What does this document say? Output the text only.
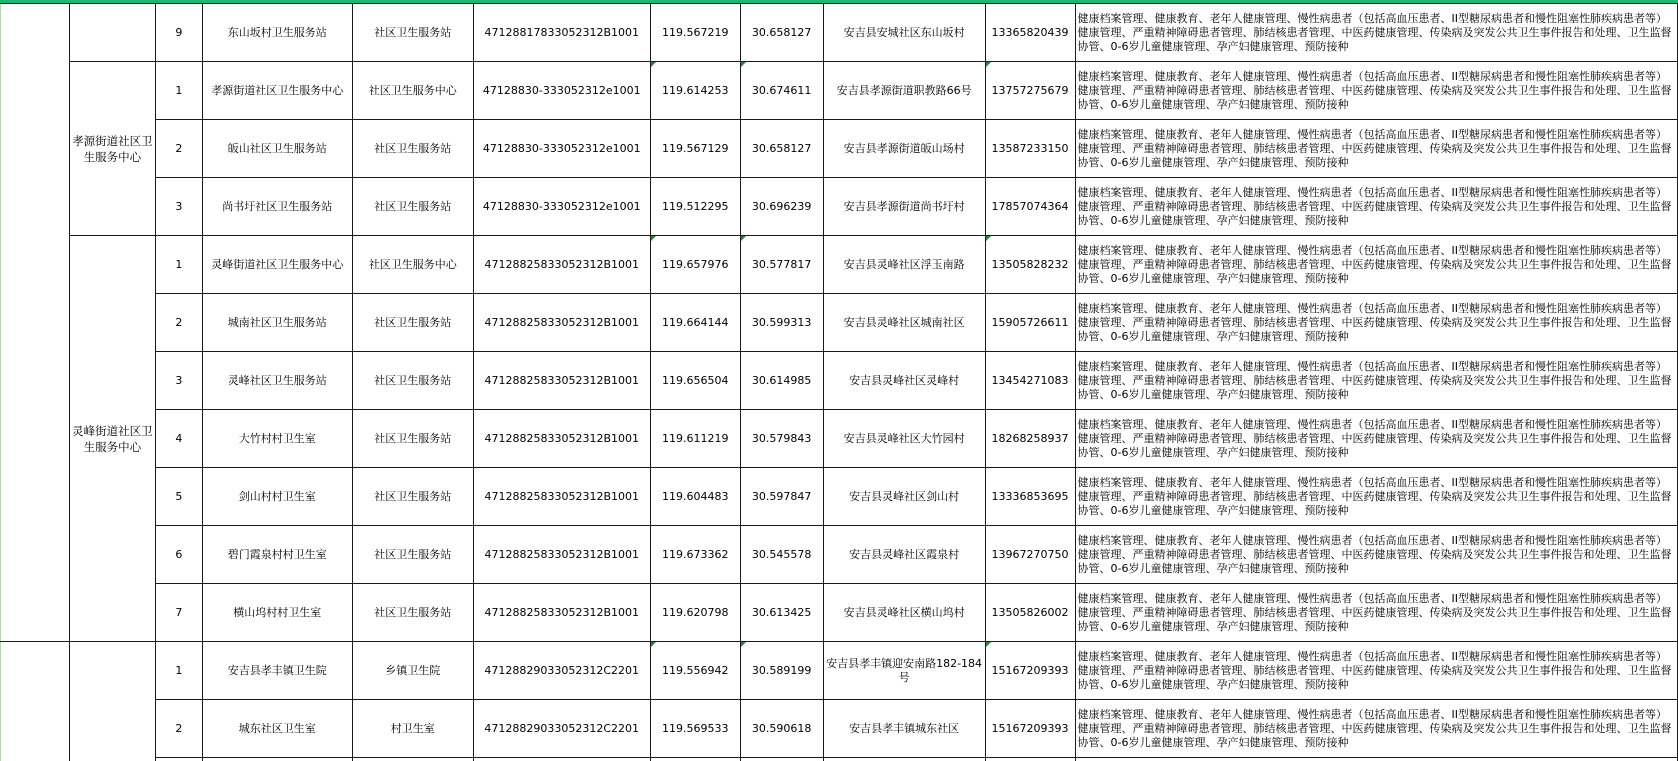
		9	东山坂村卫生服务站	社区卫生服务站	47128817833052312B1001	119.567219	30.658127	安吉县安城社区东山坂村	13365820439	健康档案管理、健康教育、老年人健康管理、慢性病患者（包括高血压患者、II型糖尿病患者和慢性阻塞性肺疾病患者等）健康管理、严重精神障碍患者管理、肺结核患者管理、中医药健康管理、传染病及突发公共卫生事件报告和处理、卫生监督协管、0-6岁儿童健康管理、孕产妇健康管理、预防接种
	孝源街道社区卫生服务中心	1	孝源街道社区卫生服务中心	社区卫生服务中心	47128830-333052312e1001	119.614253	30.674611	安吉县孝源街道职教路66号	13757275679	健康档案管理、健康教育、老年人健康管理、慢性病患者（包括高血压患者、II型糖尿病患者和慢性阻塞性肺疾病患者等）健康管理、严重精神障碍患者管理、肺结核患者管理、中医药健康管理、传染病及突发公共卫生事件报告和处理、卫生监督协管、0-6岁儿童健康管理、孕产妇健康管理、预防接种
		2	皈山社区卫生服务站	社区卫生服务站	47128830-333052312e1001	119.567129	30.658127	安吉县孝源街道皈山场村	13587233150	健康档案管理、健康教育、老年人健康管理、慢性病患者（包括高血压患者、II型糖尿病患者和慢性阻塞性肺疾病患者等）健康管理、严重精神障碍患者管理、肺结核患者管理、中医药健康管理、传染病及突发公共卫生事件报告和处理、卫生监督协管、0-6岁儿童健康管理、孕产妇健康管理、预防接种
		3	尚书圩社区卫生服务站	社区卫生服务站	47128830-333052312e1001	119.512295	30.696239	安吉县孝源街道尚书圩村	17857074364	健康档案管理、健康教育、老年人健康管理、慢性病患者（包括高血压患者、II型糖尿病患者和慢性阻塞性肺疾病患者等）健康管理、严重精神障碍患者管理、肺结核患者管理、中医药健康管理、传染病及突发公共卫生事件报告和处理、卫生监督协管、0-6岁儿童健康管理、孕产妇健康管理、预防接种
	灵峰街道社区卫生服务中心	1	灵峰街道社区卫生服务中心	社区卫生服务中心	47128825833052312B1001	119.657976	30.577817	安吉县灵峰社区浮玉南路	13505828232	健康档案管理、健康教育、老年人健康管理、慢性病患者（包括高血压患者、II型糖尿病患者和慢性阻塞性肺疾病患者等）健康管理、严重精神障碍患者管理、肺结核患者管理、中医药健康管理、传染病及突发公共卫生事件报告和处理、卫生监督协管、0-6岁儿童健康管理、孕产妇健康管理、预防接种
		2	城南社区卫生服务站	社区卫生服务站	47128825833052312B1001	119.664144	30.599313	安吉县灵峰社区城南社区	15905726611	健康档案管理、健康教育、老年人健康管理、慢性病患者（包括高血压患者、II型糖尿病患者和慢性阻塞性肺疾病患者等）健康管理、严重精神障碍患者管理、肺结核患者管理、中医药健康管理、传染病及突发公共卫生事件报告和处理、卫生监督协管、0-6岁儿童健康管理、孕产妇健康管理、预防接种
		3	灵峰社区卫生服务站	社区卫生服务站	47128825833052312B1001	119.656504	30.614985	安吉县灵峰社区灵峰村	13454271083	健康档案管理、健康教育、老年人健康管理、慢性病患者（包括高血压患者、II型糖尿病患者和慢性阻塞性肺疾病患者等）健康管理、严重精神障碍患者管理、肺结核患者管理、中医药健康管理、传染病及突发公共卫生事件报告和处理、卫生监督协管、0-6岁儿童健康管理、孕产妇健康管理、预防接种
		4	大竹村村卫生室	社区卫生服务站	47128825833052312B1001	119.611219	30.579843	安吉县灵峰社区大竹园村	18268258937	健康档案管理、健康教育、老年人健康管理、慢性病患者（包括高血压患者、II型糖尿病患者和慢性阻塞性肺疾病患者等）健康管理、严重精神障碍患者管理、肺结核患者管理、中医药健康管理、传染病及突发公共卫生事件报告和处理、卫生监督协管、0-6岁儿童健康管理、孕产妇健康管理、预防接种
		5	剑山村村卫生室	社区卫生服务站	47128825833052312B1001	119.604483	30.597847	安吉县灵峰社区剑山村	13336853695	健康档案管理、健康教育、老年人健康管理、慢性病患者（包括高血压患者、II型糖尿病患者和慢性阻塞性肺疾病患者等）健康管理、严重精神障碍患者管理、肺结核患者管理、中医药健康管理、传染病及突发公共卫生事件报告和处理、卫生监督协管、0-6岁儿童健康管理、孕产妇健康管理、预防接种
		6	碧门霞泉村村卫生室	社区卫生服务站	47128825833052312B1001	119.673362	30.545578	安吉县灵峰社区霞泉村	13967270750	健康档案管理、健康教育、老年人健康管理、慢性病患者（包括高血压患者、II型糖尿病患者和慢性阻塞性肺疾病患者等）健康管理、严重精神障碍患者管理、肺结核患者管理、中医药健康管理、传染病及突发公共卫生事件报告和处理、卫生监督协管、0-6岁儿童健康管理、孕产妇健康管理、预防接种
		7	横山坞村村卫生室	社区卫生服务站	47128825833052312B1001	119.620798	30.613425	安吉县灵峰社区横山坞村	13505826002	健康档案管理、健康教育、老年人健康管理、慢性病患者（包括高血压患者、II型糖尿病患者和慢性阻塞性肺疾病患者等）健康管理、严重精神障碍患者管理、肺结核患者管理、中医药健康管理、传染病及突发公共卫生事件报告和处理、卫生监督协管、0-6岁儿童健康管理、孕产妇健康管理、预防接种
		1	安吉县孝丰镇卫生院	乡镇卫生院	47128829033052312C2201	119.556942	30.589199	安吉县孝丰镇迎安南路182-184号	15167209393	健康档案管理、健康教育、老年人健康管理、慢性病患者（包括高血压患者、II型糖尿病患者和慢性阻塞性肺疾病患者等）健康管理、严重精神障碍患者管理、肺结核患者管理、中医药健康管理、传染病及突发公共卫生事件报告和处理、卫生监督协管、0-6岁儿童健康管理、孕产妇健康管理、预防接种
		2	城东社区卫生室	村卫生室	47128829033052312C2201	119.569533	30.590618	安吉县孝丰镇城东社区	15167209393	健康档案管理、健康教育、老年人健康管理、慢性病患者（包括高血压患者、II型糖尿病患者和慢性阻塞性肺疾病患者等）健康管理、严重精神障碍患者管理、肺结核患者管理、中医药健康管理、传染病及突发公共卫生事件报告和处理、卫生监督协管、0-6岁儿童健康管理、孕产妇健康管理、预防接种
